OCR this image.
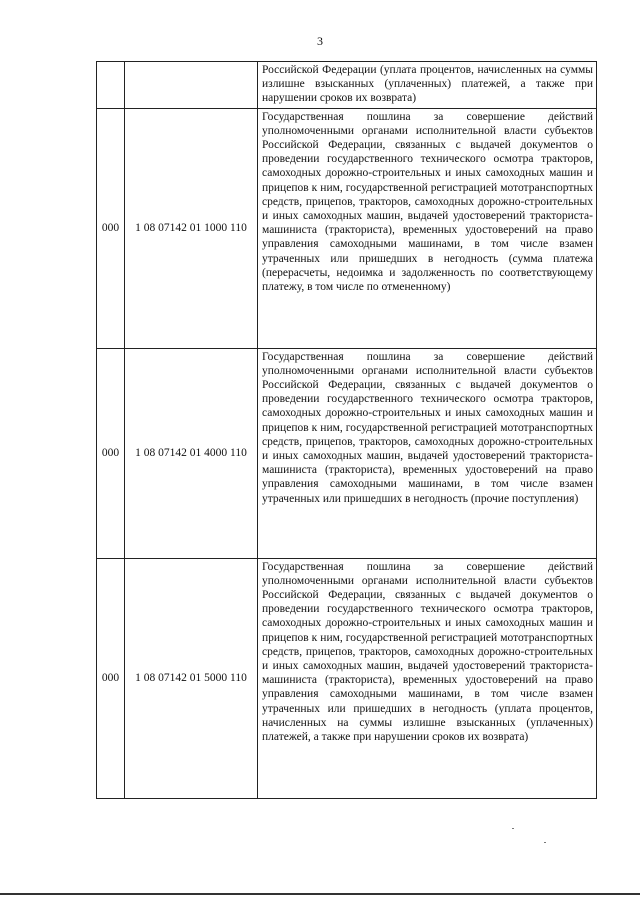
3
		Российской Федерации (уплата процентов, начисленных на суммы излишне взысканных (уплаченных) платежей, а также при нарушении сроков их возврата)
000	1 08 07142 01 1000 110	Государственная пошлина за совершение действий уполномоченными органами исполнительной власти субъектов Российской Федерации, связанных с выдачей документов о проведении государственного технического осмотра тракторов, самоходных дорожно-строительных и иных самоходных машин и прицепов к ним, государственной регистрацией мототранспортных средств, прицепов, тракторов, самоходных дорожно-строительных и иных самоходных машин, выдачей удостоверений тракториста-машиниста (тракториста), временных удостоверений на право управления самоходными машинами, в том числе взамен утраченных или пришедших в негодность (сумма платежа (перерасчеты, недоимка и задолженность по соответствующему платежу, в том числе по отмененному)
000	1 08 07142 01 4000 110	Государственная пошлина за совершение действий уполномоченными органами исполнительной власти субъектов Российской Федерации, связанных с выдачей документов о проведении государственного технического осмотра тракторов, самоходных дорожно-строительных и иных самоходных машин и прицепов к ним, государственной регистрацией мототранспортных средств, прицепов, тракторов, самоходных дорожно-строительных и иных самоходных машин, выдачей удостоверений тракториста-машиниста (тракториста), временных удостоверений на право управления самоходными машинами, в том числе взамен утраченных или пришедших в негодность (прочие поступления)
000	1 08 07142 01 5000 110	Государственная пошлина за совершение действий уполномоченными органами исполнительной власти субъектов Российской Федерации, связанных с выдачей документов о проведении государственного технического осмотра тракторов, самоходных дорожно-строительных и иных самоходных машин и прицепов к ним, государственной регистрацией мототранспортных средств, прицепов, тракторов, самоходных дорожно-строительных и иных самоходных машин, выдачей удостоверений тракториста-машиниста (тракториста), временных удостоверений на право управления самоходными машинами, в том числе взамен утраченных или пришедших в негодность (уплата процентов, начисленных на суммы излишне взысканных (уплаченных) платежей, а также при нарушении сроков их возврата)
